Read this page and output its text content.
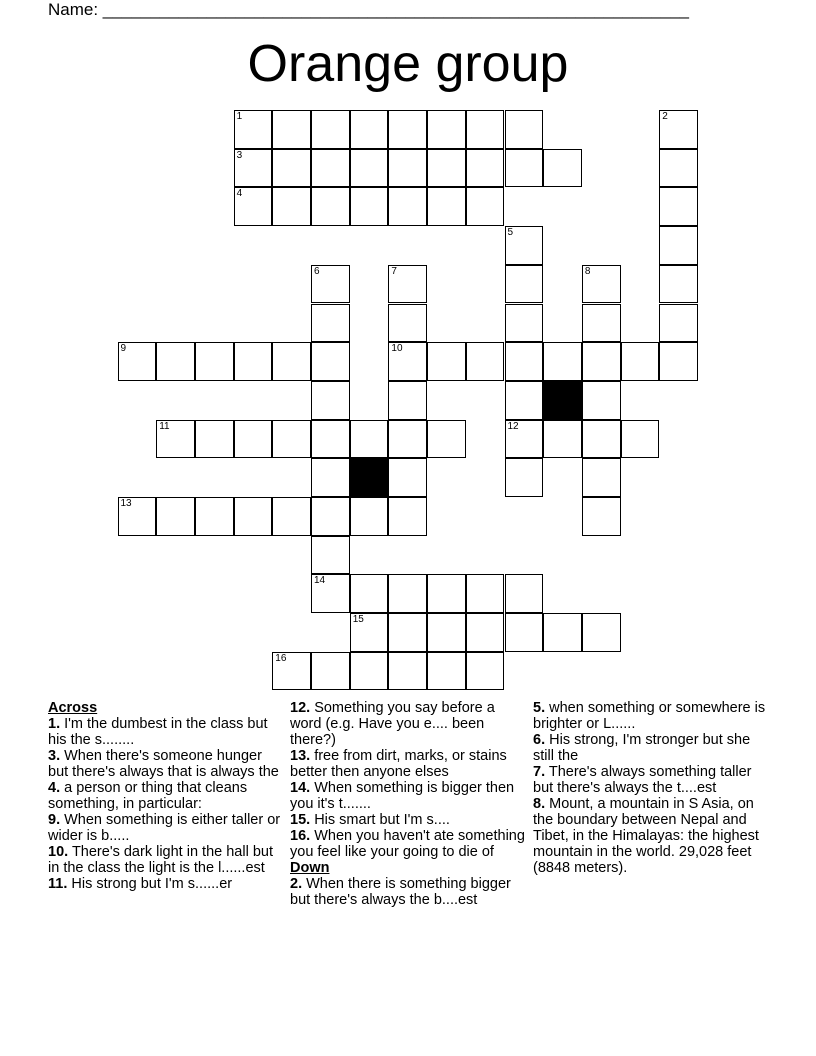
Name: ______________________________________________________________
Orange group
1	2
3
4
5
6	7	8
9	10
11	12
13
14
15
16
Across
1. I'm the dumbest in the class but his the s........
3. When there's someone hunger but there's always that is always the
4. a person or thing that cleans something, in particular:
9. When something is either taller or wider is b.....
10. There's dark light in the hall but in the class the light is the l......est
11. His strong but I'm s......er
12. Something you say before a word (e.g. Have you e.... been there?)
13. free from dirt, marks, or stains better then anyone elses
14. When something is bigger then you it's t.......
15. His smart but I'm s....
16. When you haven't ate something you feel like your going to die of
Down
2. When there is something bigger but there's always the b....est
5. when something or somewhere is brighter or L......
6. His strong, I'm stronger but she still the
7. There's always something taller but there's always the t....est
8. Mount, a mountain in S Asia, on the boundary between Nepal and Tibet, in the Himalayas: the highest mountain in the world. 29,028 feet (8848 meters).
